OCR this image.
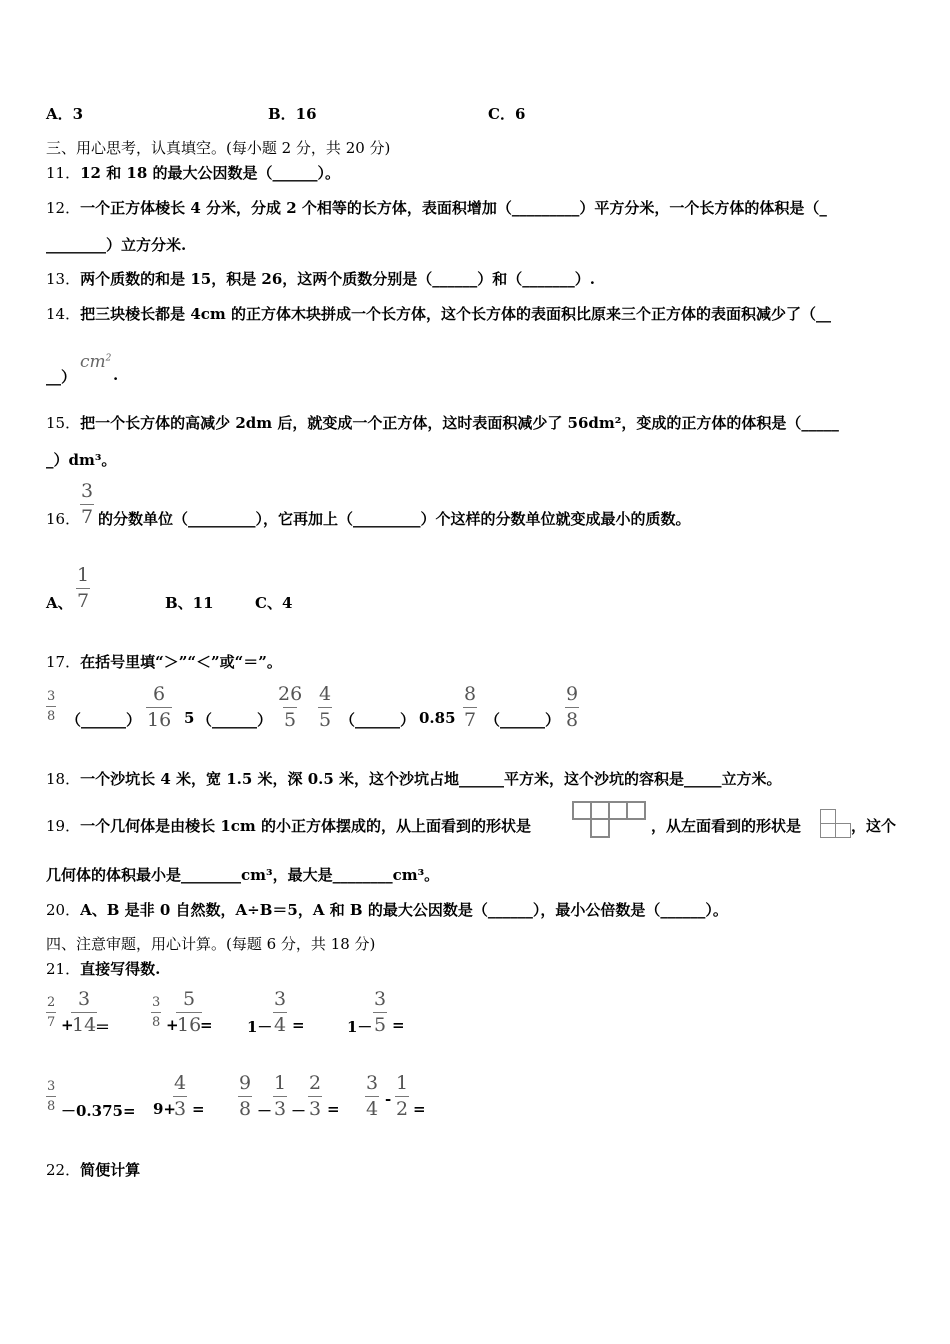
A．3	B．16	C．6
三、用心思考，认真填空。(每小题 2 分，共 20 分)
11．12 和 18 的最大公因数是（______）。
12．一个正方体棱长 4 分米，分成 2 个相等的长方体，表面积增加（_________）平方分米，一个长方体的体积是（_
________）立方分米.
13．两个质数的和是 15，积是 26，这两个质数分别是（______）和（_______）.
14．把三块棱长都是 4cm 的正方体木块拼成一个长方体，这个长方体的表面积比原来三个正方体的表面积减少了（__
__）
$cm^2$
.
15．把一个长方体的高减少 2dm 后，就变成一个正方体，这时表面积减少了 56dm²，变成的正方体的体积是（_____
_）dm³。
16． $\frac{3}{7}$ 的分数单位（_________），它再加上（_________）个这样的分数单位就变成最小的质数。
A、 $\frac{1}{7}$	B、11	C、4
17．在括号里填“＞”“＜”或“＝”。
$\frac{3}{8}$ （______） $\frac{6}{16} 5$ （______） $\frac{26}{5} \frac{4}{5}$ （______） $0.85 \frac{8}{7}$ （______） $\frac{9}{8}$
18．一个沙坑长 4 米，宽 1.5 米，深 0.5 米，这个沙坑占地______平方米，这个沙坑的容积是_____立方米。
19．一个几何体是由棱长 1cm 的小正方体摆成的，从上面看到的形状是	，从左面看到的形状是	，这个
几何体的体积最小是________cm³，最大是________cm³。
20．A、B 是非 0 自然数，A÷B＝5，A 和 B 的最大公因数是（______），最小公倍数是（______）。
四、注意审题，用心计算。(每题 6 分，共 18 分)
21．直接写得数.
$\frac{2}{7}$ +
$\frac{3}{14}$
＝	$\frac{3}{8}$ +
$\frac{5}{16}$
= $1- \frac{3}{4}$ =	$1- \frac{3}{5}$ =
$\frac{3}{8} -0.375= 9+$
$\frac{4}{3} = \frac{9}{8} - \frac{1}{3} - \frac{2}{3} = \frac{3}{4} - \frac{1}{2}$ =
22．简便计算
